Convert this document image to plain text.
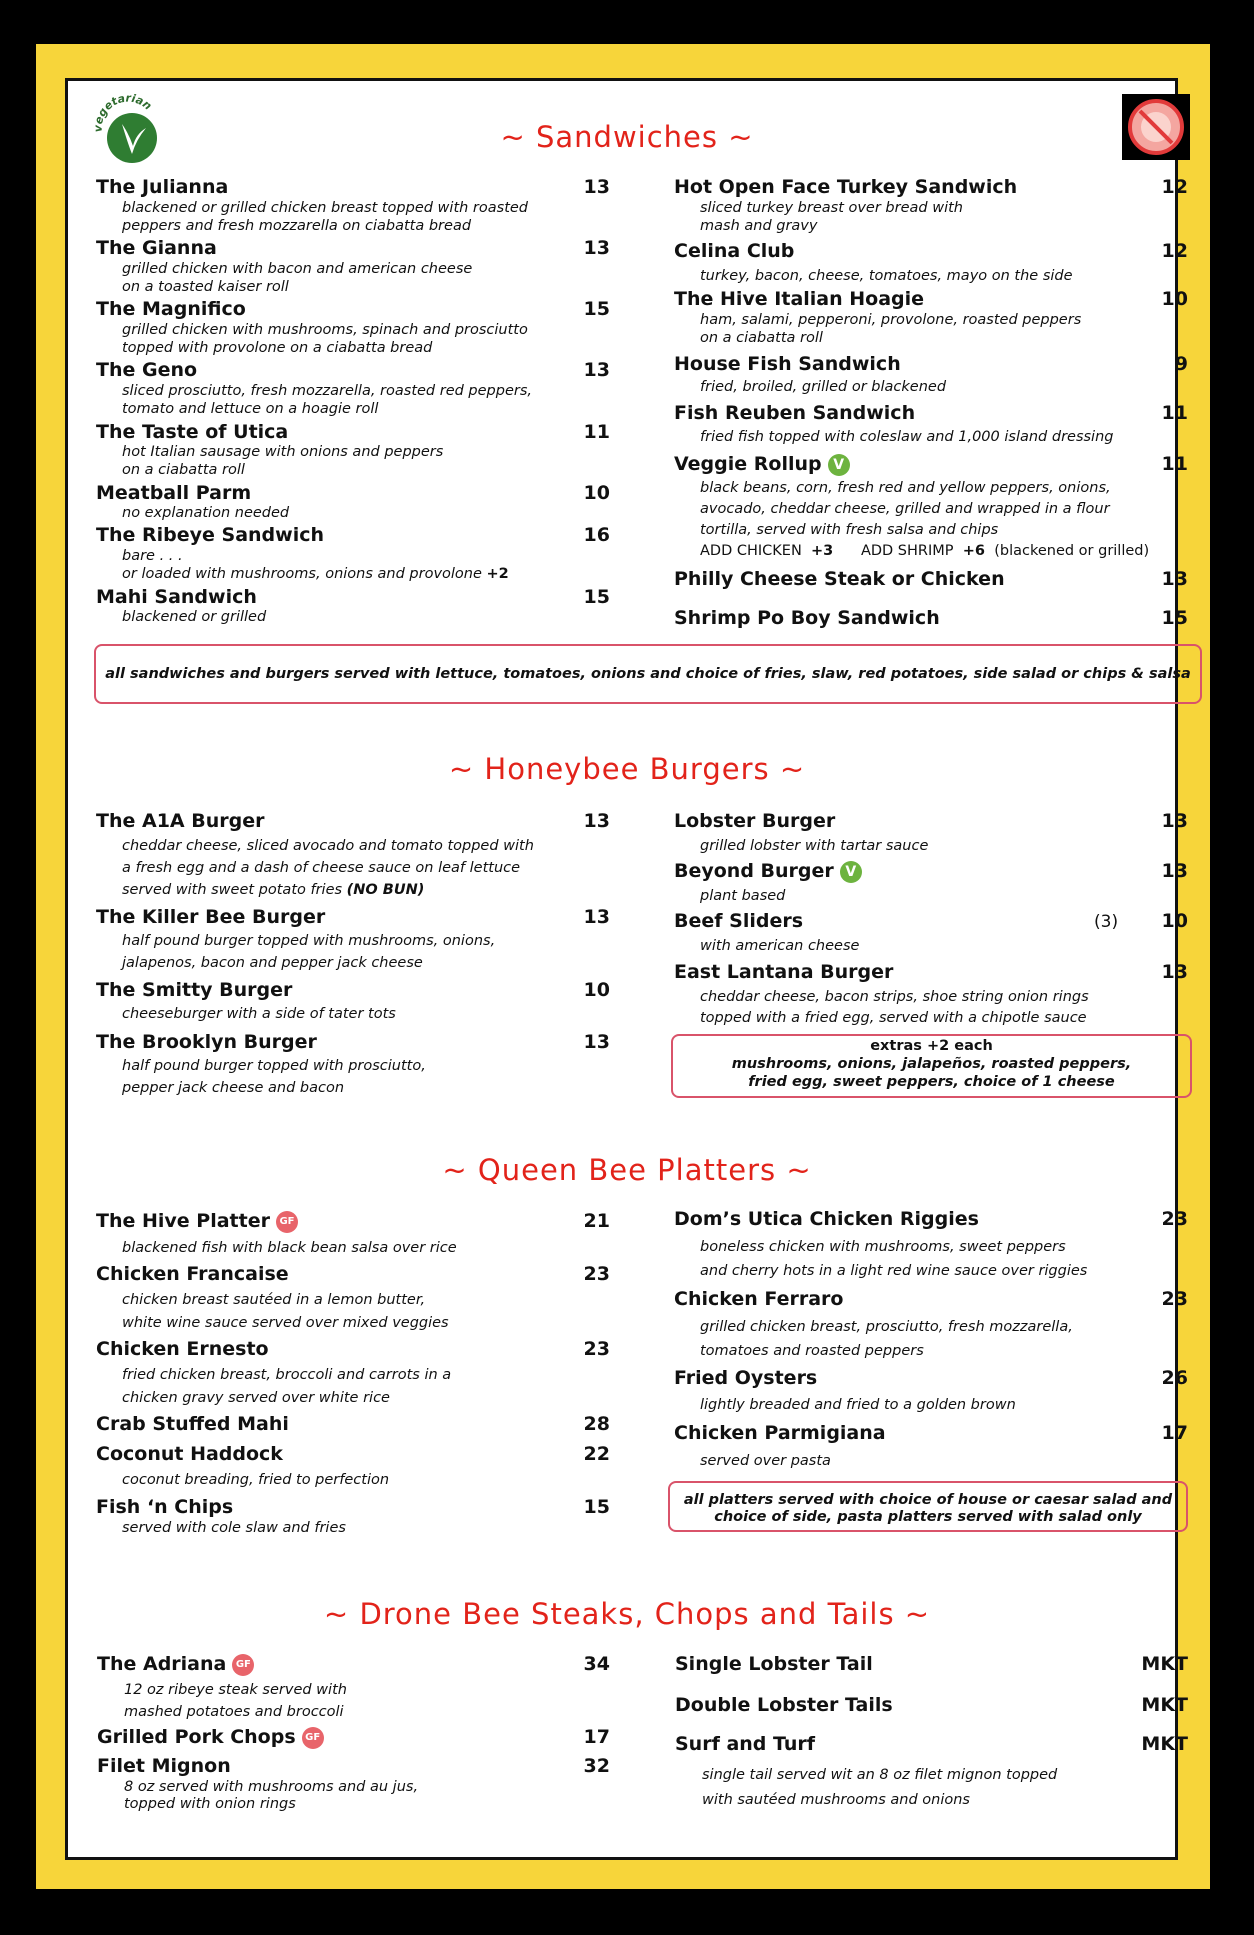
vegetarian
~ Sandwiches ~
~ Honeybee Burgers ~
~ Queen Bee Platters ~
~ Drone Bee Steaks, Chops and Tails ~
The Julianna	13
blackened or grilled chicken breast topped with roasted
peppers and fresh mozzarella on ciabatta bread
The Gianna	13
grilled chicken with bacon and american cheese
on a toasted kaiser roll
The Magnifico	15
grilled chicken with mushrooms, spinach and prosciutto
topped with provolone on a ciabatta bread
The Geno	13
sliced prosciutto, fresh mozzarella, roasted red peppers,
tomato and lettuce on a hoagie roll
The Taste of Utica	11
hot Italian sausage with onions and peppers
on a ciabatta roll
Meatball Parm	10
no explanation needed
The Ribeye Sandwich	16
bare . . .
or loaded with mushrooms, onions and provolone +2
Mahi Sandwich	15
blackened or grilled
Hot Open Face Turkey Sandwich	12
sliced turkey breast over bread with
mash and gravy
Celina Club	12
turkey, bacon, cheese, tomatoes, mayo on the side
The Hive Italian Hoagie	10
ham, salami, pepperoni, provolone, roasted peppers
on a ciabatta roll
House Fish Sandwich	9
fried, broiled, grilled or blackened
Fish Reuben Sandwich	11
fried fish topped with coleslaw and 1,000 island dressing
Veggie Rollup V	11
black beans, corn, fresh red and yellow peppers, onions,
avocado, cheddar cheese, grilled and wrapped in a flour
tortilla, served with fresh salsa and chips
ADD CHICKEN +3 ADD SHRIMP +6 (blackened or grilled)
Philly Cheese Steak or Chicken	13
Shrimp Po Boy Sandwich	15
all sandwiches and burgers served with lettuce, tomatoes, onions and choice of fries, slaw, red potatoes, side salad or chips & salsa
The A1A Burger	13
cheddar cheese, sliced avocado and tomato topped with
a fresh egg and a dash of cheese sauce on leaf lettuce
served with sweet potato fries (NO BUN)
The Killer Bee Burger	13
half pound burger topped with mushrooms, onions,
jalapenos, bacon and pepper jack cheese
The Smitty Burger	10
cheeseburger with a side of tater tots
The Brooklyn Burger	13
half pound burger topped with prosciutto,
pepper jack cheese and bacon
Lobster Burger	13
grilled lobster with tartar sauce
Beyond Burger V	13
plant based
Beef Sliders	(3)	10
with american cheese
East Lantana Burger	13
cheddar cheese, bacon strips, shoe string onion rings
topped with a fried egg, served with a chipotle sauce
extras +2 each
mushrooms, onions, jalapeños, roasted peppers,
fried egg, sweet peppers, choice of 1 cheese
The Hive Platter GF	21
blackened fish with black bean salsa over rice
Chicken Francaise	23
chicken breast sautéed in a lemon butter,
white wine sauce served over mixed veggies
Chicken Ernesto	23
fried chicken breast, broccoli and carrots in a
chicken gravy served over white rice
Crab Stuffed Mahi	28
Coconut Haddock	22
coconut breading, fried to perfection
Fish ‘n Chips	15
served with cole slaw and fries
Dom’s Utica Chicken Riggies	23
boneless chicken with mushrooms, sweet peppers
and cherry hots in a light red wine sauce over riggies
Chicken Ferraro	23
grilled chicken breast, prosciutto, fresh mozzarella,
tomatoes and roasted peppers
Fried Oysters	26
lightly breaded and fried to a golden brown
Chicken Parmigiana	17
served over pasta
all platters served with choice of house or caesar salad and
choice of side, pasta platters served with salad only
The Adriana GF	34
12 oz ribeye steak served with
mashed potatoes and broccoli
Grilled Pork Chops GF	17
Filet Mignon	32
8 oz served with mushrooms and au jus,
topped with onion rings
Single Lobster Tail	MKT
Double Lobster Tails	MKT
Surf and Turf	MKT
single tail served wit an 8 oz filet mignon topped
with sautéed mushrooms and onions
